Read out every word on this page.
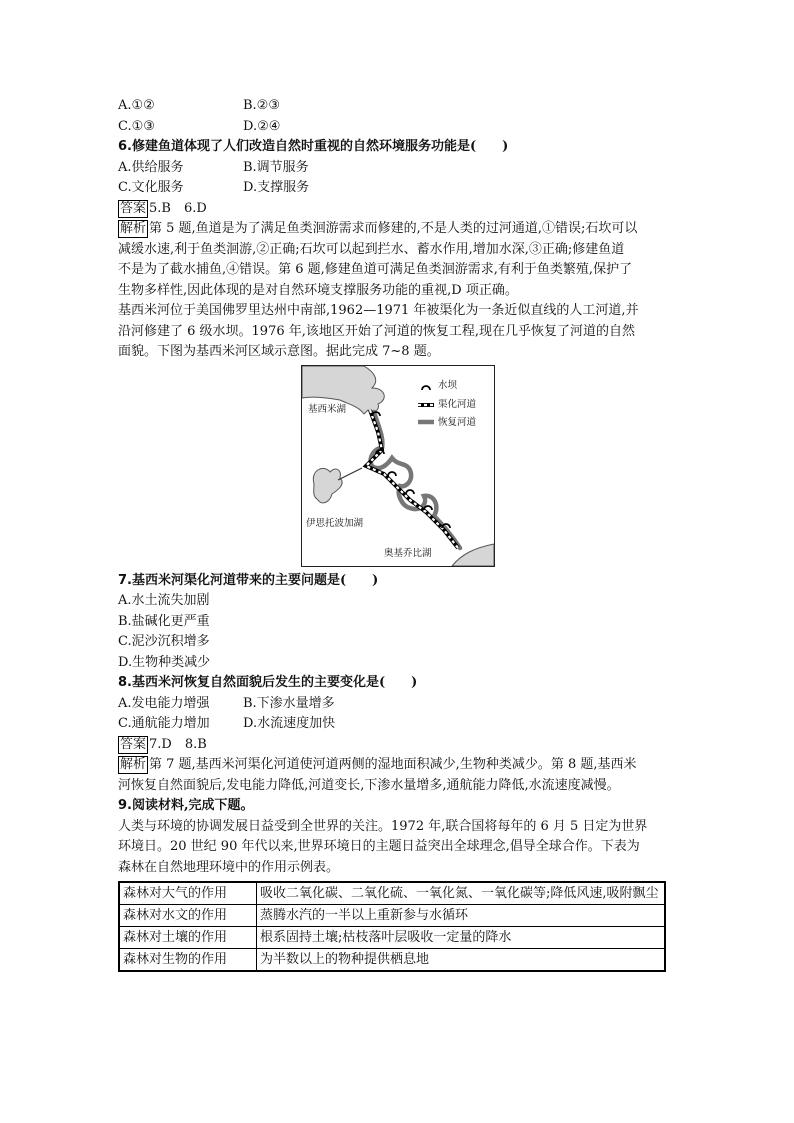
A.①②	B.②③
C.①③	D.②④
6.修建鱼道体现了人们改造自然时重视的自然环境服务功能是(　　)
A.供给服务	B.调节服务
C.文化服务	D.支撑服务
答案 5.B　6.D
解析 第 5 题,鱼道是为了满足鱼类洄游需求而修建的,不是人类的过河通道,①错误;石坎可以
减缓水速,利于鱼类洄游,②正确;石坎可以起到拦水、蓄水作用,增加水深,③正确;修建鱼道
不是为了截水捕鱼,④错误。第 6 题,修建鱼道可满足鱼类洄游需求,有利于鱼类繁殖,保护了
生物多样性,因此体现的是对自然环境支撑服务功能的重视,D 项正确。
基西米河位于美国佛罗里达州中南部,1962—1971 年被渠化为一条近似直线的人工河道,并
沿河修建了 6 级水坝。1976 年,该地区开始了河道的恢复工程,现在几乎恢复了河道的自然
面貌。下图为基西米河区域示意图。据此完成 7~8 题。
水坝
渠化河道
恢复河道
基西米湖
伊思托波加湖
奥基乔比湖
7.基西米河渠化河道带来的主要问题是(　　)
A.水土流失加剧
B.盐碱化更严重
C.泥沙沉积增多
D.生物种类减少
8.基西米河恢复自然面貌后发生的主要变化是(　　)
A.发电能力增强	B.下渗水量增多
C.通航能力增加	D.水流速度加快
答案 7.D　8.B
解析 第 7 题,基西米河渠化河道使河道两侧的湿地面积减少,生物种类减少。第 8 题,基西米
河恢复自然面貌后,发电能力降低,河道变长,下渗水量增多,通航能力降低,水流速度减慢。
9.阅读材料,完成下题。
人类与环境的协调发展日益受到全世界的关注。1972 年,联合国将每年的 6 月 5 日定为世界
环境日。20 世纪 90 年代以来,世界环境日的主题日益突出全球理念,倡导全球合作。下表为
森林在自然地理环境中的作用示例表。
森林对大气的作用	吸收二氧化碳、二氧化硫、一氧化氮、一氧化碳等;降低风速,吸附飘尘
森林对水文的作用	蒸腾水汽的一半以上重新参与水循环
森林对土壤的作用	根系固持土壤;枯枝落叶层吸收一定量的降水
森林对生物的作用	为半数以上的物种提供栖息地
